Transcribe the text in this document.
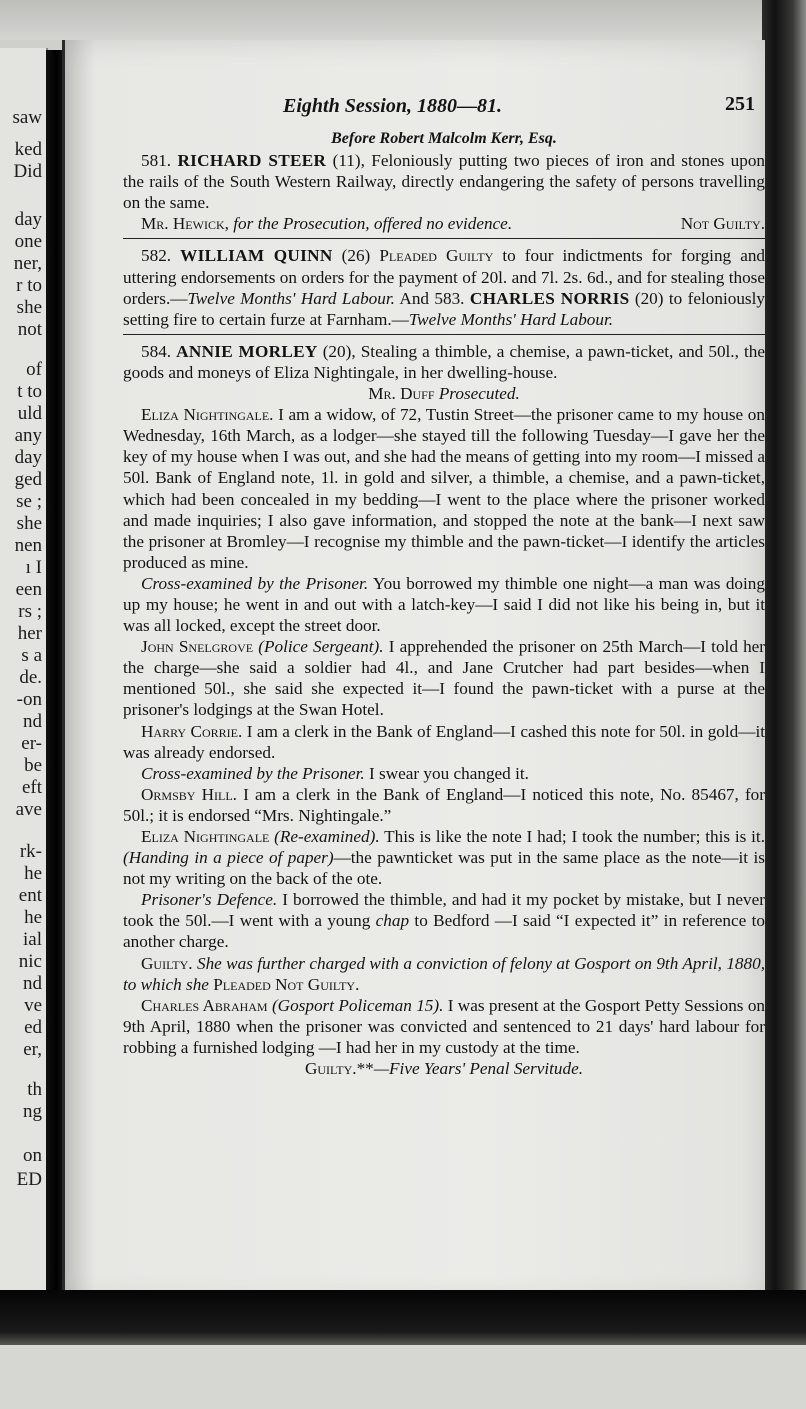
saw
ked
Did
day
one
ner,
r to
she
not
of
t to
uld
any
day
ged
se ;
she
nen
ı I
een
rs ;
her
s a
de.
-on
nd
er-
be
eft
ave
rk-
he
ent
he
ial
nic
nd
ve
ed
er,
th
ng
on
ED
Eighth Session, 1880—81.	251

Before Robert Malcolm Kerr, Esq.

581. RICHARD STEER (11), Feloniously putting two pieces of iron and stones upon the rails of the South Western Railway, directly endangering the safety of persons travelling on the same.

Mr. Hewick, for the Prosecution, offered no evidence.	Not Guilty.

582. WILLIAM QUINN (26) Pleaded Guilty to four indictments for forging and uttering endorsements on orders for the payment of 20l. and 7l. 2s. 6d., and for stealing those orders.—Twelve Months' Hard Labour. And 583. CHARLES NORRIS (20) to feloniously setting fire to certain furze at Farnham.—Twelve Months' Hard Labour.

584. ANNIE MORLEY (20), Stealing a thimble, a chemise, a pawn-ticket, and 50l., the goods and moneys of Eliza Nightingale, in her dwelling-house.

Mr. Duff Prosecuted.

Eliza Nightingale. I am a widow, of 72, Tustin Street—the prisoner came to my house on Wednesday, 16th March, as a lodger—she stayed till the following Tuesday—I gave her the key of my house when I was out, and she had the means of getting into my room—I missed a 50l. Bank of England note, 1l. in gold and silver, a thimble, a chemise, and a pawn-ticket, which had been concealed in my bedding—I went to the place where the prisoner worked and made inquiries; I also gave information, and stopped the note at the bank—I next saw the prisoner at Bromley—I recognise my thimble and the pawn-ticket—I identify the articles produced as mine.

Cross-examined by the Prisoner. You borrowed my thimble one night—a man was doing up my house; he went in and out with a latch-key—I said I did not like his being in, but it was all locked, except the street door.

John Snelgrove (Police Sergeant). I apprehended the prisoner on 25th March—I told her the charge—she said a soldier had 4l., and Jane Crutcher had part besides—when I mentioned 50l., she said she expected it—I found the pawn-ticket with a purse at the prisoner's lodgings at the Swan Hotel.

Harry Corrie. I am a clerk in the Bank of England—I cashed this note for 50l. in gold—it was already endorsed.

Cross-examined by the Prisoner. I swear you changed it.

Ormsby Hill. I am a clerk in the Bank of England—I noticed this note, No. 85467, for 50l.; it is endorsed “Mrs. Nightingale.”

Eliza Nightingale (Re-examined). This is like the note I had; I took the number; this is it. (Handing in a piece of paper)—the pawnticket was put in the same place as the note—it is not my writing on the back of the ote.

Prisoner's Defence. I borrowed the thimble, and had it my pocket by mistake, but I never took the 50l.—I went with a young chap to Bedford —I said “I expected it” in reference to another charge.

Guilty. She was further charged with a conviction of felony at Gosport on 9th April, 1880, to which she Pleaded Not Guilty.

Charles Abraham (Gosport Policeman 15). I was present at the Gosport Petty Sessions on 9th April, 1880 when the prisoner was convicted and sentenced to 21 days' hard labour for robbing a furnished lodging —I had her in my custody at the time.

Guilty.**—Five Years' Penal Servitude.
